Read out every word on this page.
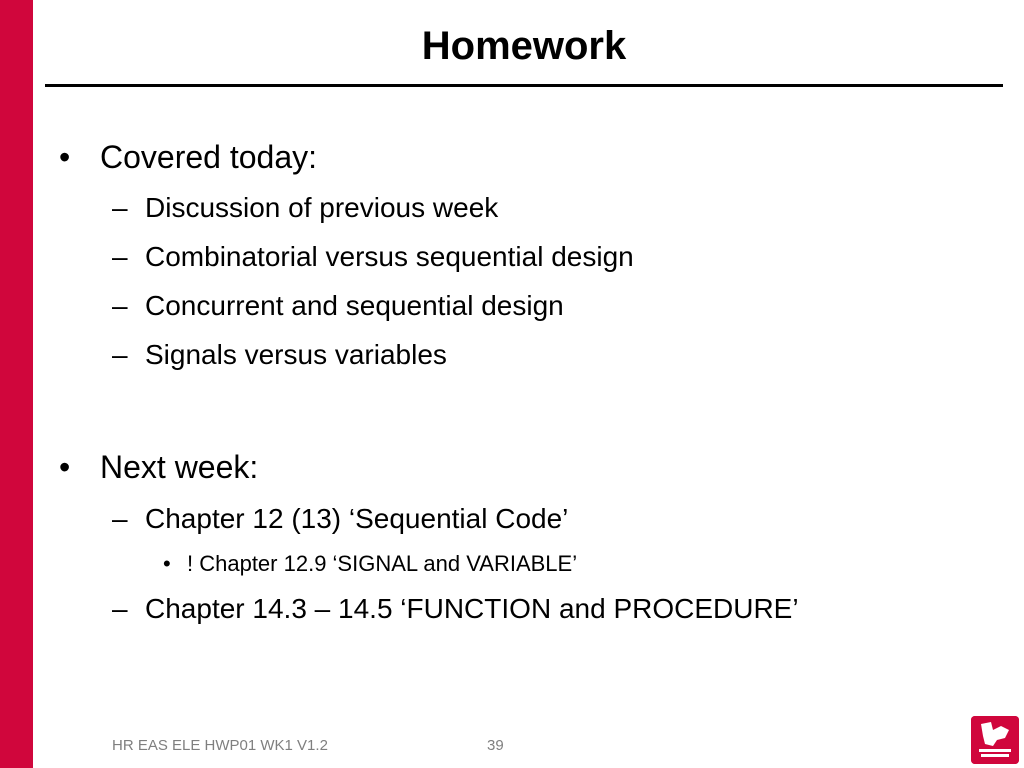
Homework
• Covered today:
– Discussion of previous week
– Combinatorial versus sequential design
– Concurrent and sequential design
– Signals versus variables
• Next week:
– Chapter 12 (13) ‘Sequential Code’
• ! Chapter 12.9 ‘SIGNAL and VARIABLE’
– Chapter 14.3 – 14.5 ‘FUNCTION and PROCEDURE’
HR EAS ELE HWP01 WK1 V1.2	39
